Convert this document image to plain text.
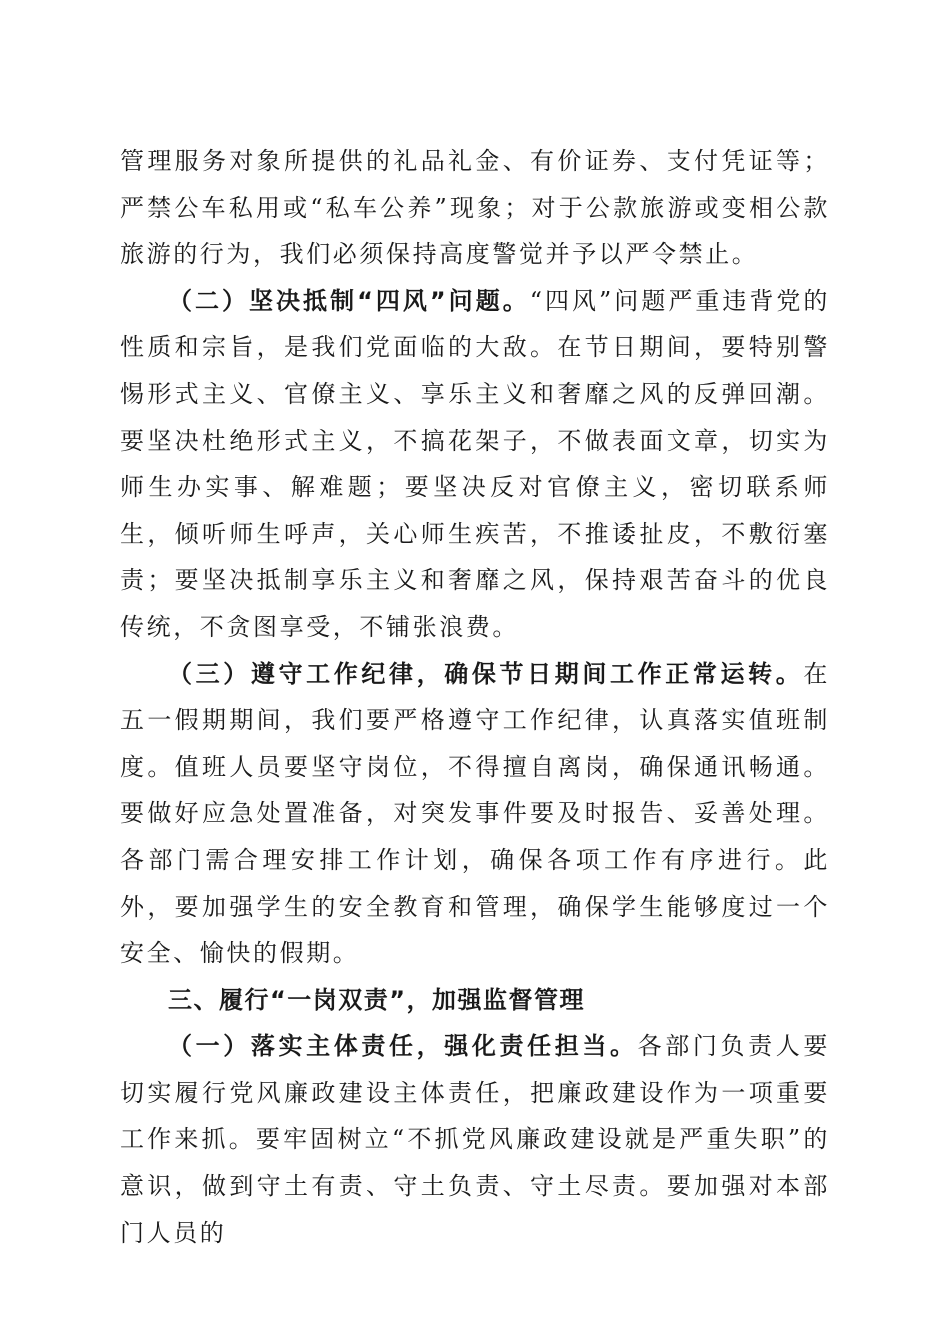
管理服务对象所提供的礼品礼金、有价证券、支付凭证等；严禁公车私用或“私车公养”现象；对于公款旅游或变相公款旅游的行为，我们必须保持高度警觉并予以严令禁止。

（二）坚决抵制“四风”问题。“四风”问题严重违背党的性质和宗旨，是我们党面临的大敌。在节日期间，要特别警惕形式主义、官僚主义、享乐主义和奢靡之风的反弹回潮。要坚决杜绝形式主义，不搞花架子，不做表面文章，切实为师生办实事、解难题；要坚决反对官僚主义，密切联系师生，倾听师生呼声，关心师生疾苦，不推诿扯皮，不敷衍塞责；要坚决抵制享乐主义和奢靡之风，保持艰苦奋斗的优良传统，不贪图享受，不铺张浪费。

（三）遵守工作纪律，确保节日期间工作正常运转。在五一假期期间，我们要严格遵守工作纪律，认真落实值班制度。值班人员要坚守岗位，不得擅自离岗，确保通讯畅通。要做好应急处置准备，对突发事件要及时报告、妥善处理。各部门需合理安排工作计划，确保各项工作有序进行。此外，要加强学生的安全教育和管理，确保学生能够度过一个安全、愉快的假期。

三、履行“一岗双责”，加强监督管理

（一）落实主体责任，强化责任担当。各部门负责人要切实履行党风廉政建设主体责任，把廉政建设作为一项重要工作来抓。要牢固树立“不抓党风廉政建设就是严重失职”的意识，做到守土有责、守土负责、守土尽责。要加强对本部门人员的
